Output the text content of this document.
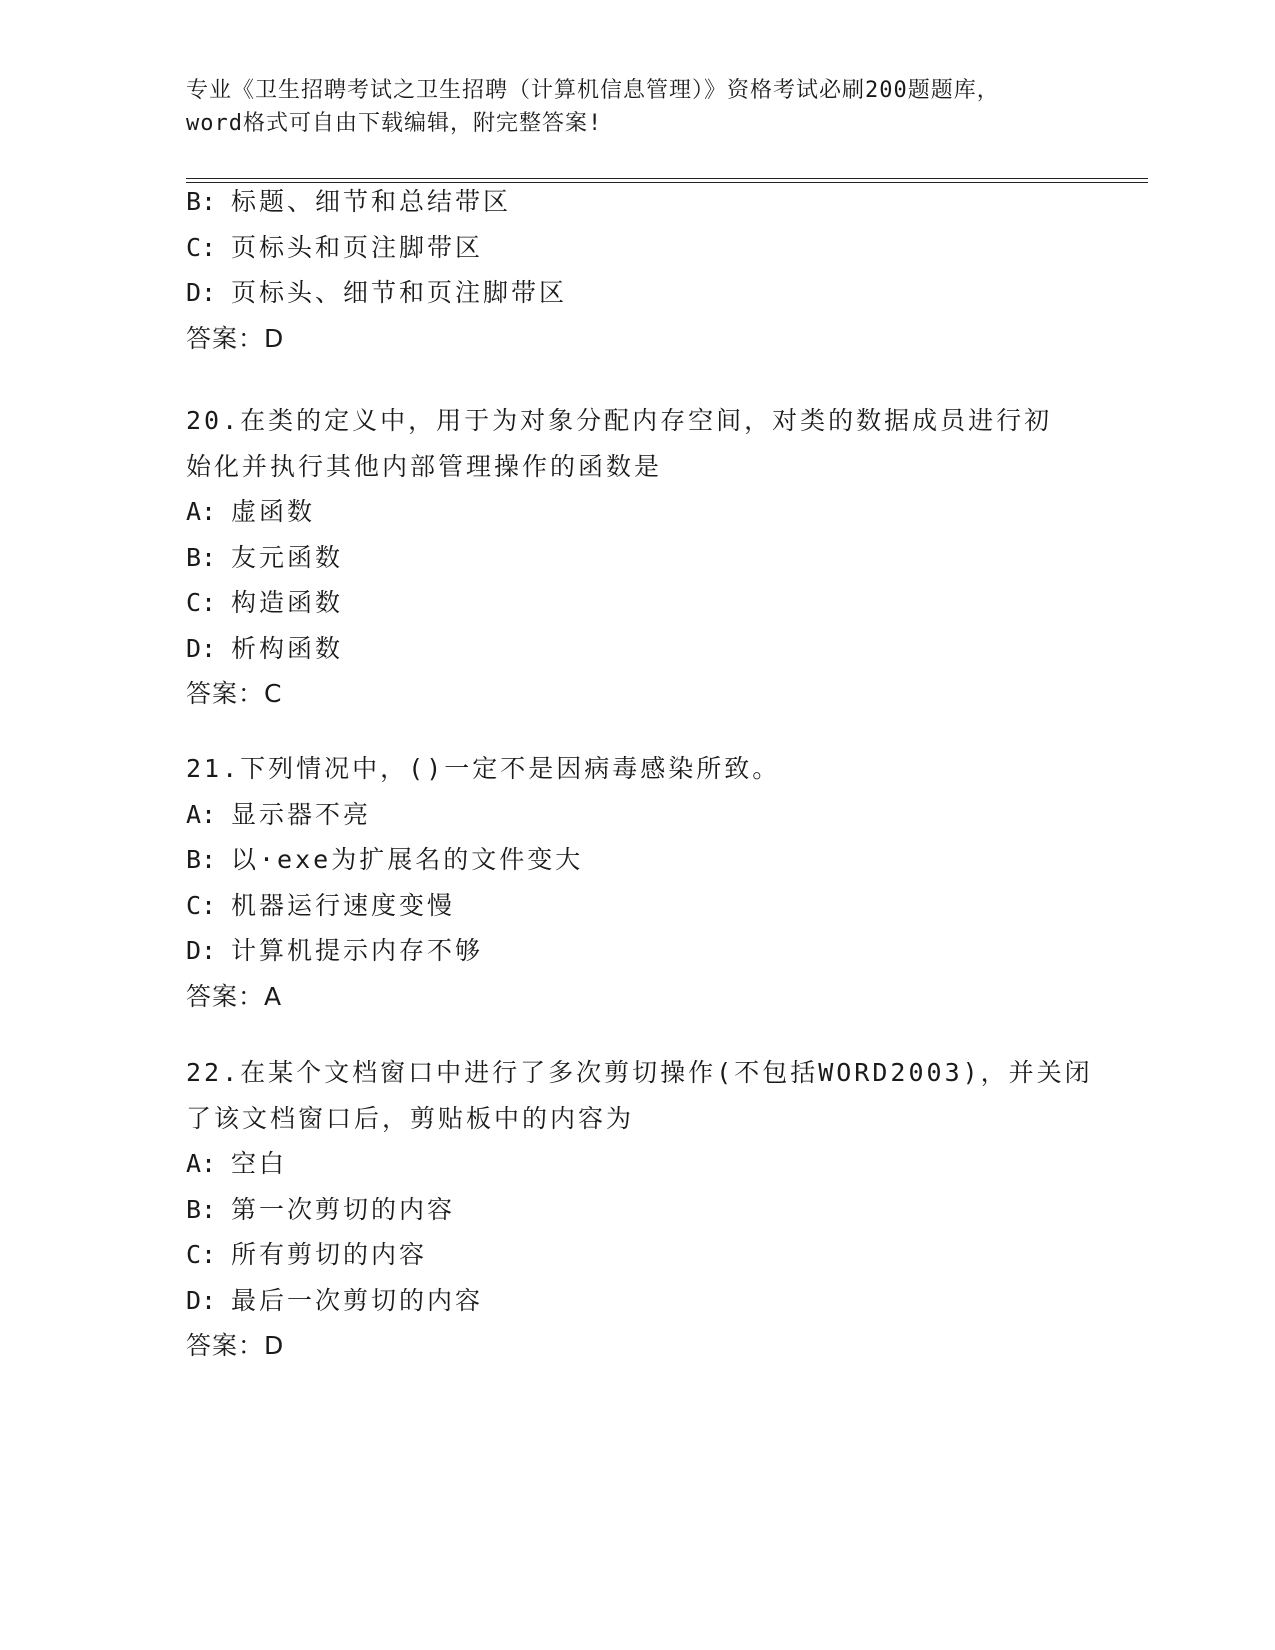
专业《卫生招聘考试之卫生招聘（计算机信息管理）》资格考试必刷200题题库，
word格式可自由下载编辑，附完整答案!
B: 标题、细节和总结带区
C: 页标头和页注脚带区
D: 页标头、细节和页注脚带区
答案：D
20.在类的定义中，用于为对象分配内存空间，对类的数据成员进行初
始化并执行其他内部管理操作的函数是
A: 虚函数
B: 友元函数
C: 构造函数
D: 析构函数
答案：C
21.下列情况中，()一定不是因病毒感染所致。
A: 显示器不亮
B: 以·exe为扩展名的文件变大
C: 机器运行速度变慢
D: 计算机提示内存不够
答案：A
22.在某个文档窗口中进行了多次剪切操作(不包括WORD2003)，并关闭
了该文档窗口后，剪贴板中的内容为
A: 空白
B: 第一次剪切的内容
C: 所有剪切的内容
D: 最后一次剪切的内容
答案：D
